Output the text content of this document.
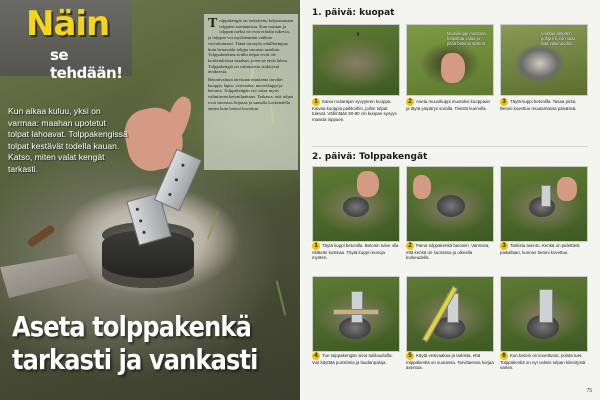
Näin
se tehdään!
Kun aikaa kuluu, yksi on varmaa: maahan upotetut tolpat lahoavat. Tolppakengissä tolpat kestävät todella kauan. Katso, miten valat kengät tarkasti.

Tolppakengät on tarkoitettu helpottamaan tolppien asentamista. Kun taustan ja tolppan tueksi ne ovat erittäin tukevia, ja tolppaa voi myöhemmin vaihtaa vaivattomasti. Tämä on myös edullisempaa kuin betonoida tolppa suoraan maahan. Tolppakenkien avulla tolpat eivät ole kosketuksissa maahan, joten ne eivät lahoa. Tolppakengät on valmistettu sinkitystä teräksestä.

Betonivaluun tarvitaan muutama tarvike: kuoppa, lapio, vesivaaka, muovikuppi ja betonia. Tolppakengän voi valaa myös valmiiseen betonilaattaan. Tarkasta, että tolpat ovat suorassa linjassa ja samalla korkeudella ennen kuin betoni kovettuu.

Aseta tolppakenkä tarkasti ja vankasti
1. päivä: kuopat
▮	Muovikuppi muotona helpottaa valua ja pitää betonin siistinä.
Leikkaa ämpärin pohja irti, niin saat siitä valumuodon.
1 Kaiva routarajan syvyyteen kuoppa. Kaivaa kuoppia paikkoihin, joihin tolpat tulevat. Vähintään 50-80 cm kuopan syvyys maasta riippuen.
2 Aseta muovikuppi muotoksi kuoppaan ja täytä ympärys soralla. Tiivistä kunnolla.
3 Täytä kuppi betonilla. Tasaa pinta. Betoni kovettuu muutamassa päivässä.
2. päivä: Tolppakengät
1 Täytä kuppi betonilla. Betonin tulee olla riittävän kosteaa. Täytä kuppi reunoja myöten.
2 Paina tolppakenkä betoniin. Varmista, että kenkä on suorassa ja oikealla korkeudella.
3 Tarkista asento. Kenkä on pidettävä paikallaan, kunnes betoni kovettuu.
4 Tue tolppakengän sivut tukilaudoilla. Voit käyttää puristimia ja laudanpaloja.
5 Käytä vesivaakaa ja tarkista, että tolppakenkä on suorassa. Tarvittaessa korjaa asentoa.
6 Kun betoni on kovettunut, poista tuet. Tolppakenkä on nyt valmis tolpan kiinnitystä varten.
75
